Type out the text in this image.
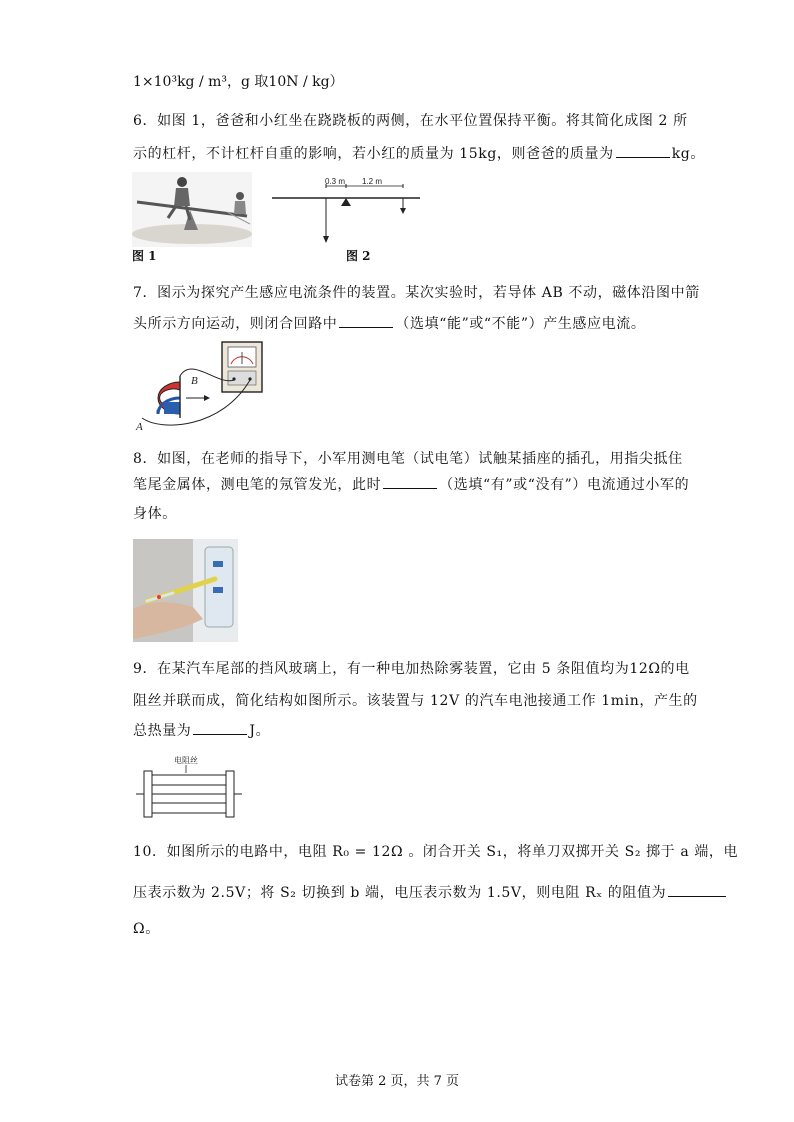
1×10³kg / m³，g 取10N / kg）
6．如图 1，爸爸和小红坐在跷跷板的两侧，在水平位置保持平衡。将其简化成图 2 所
示的杠杆，不计杠杆自重的影响，若小红的质量为 15kg，则爸爸的质量为	kg。
图 1
0.3 m 1.2 m
图 2
7．图示为探究产生感应电流条件的装置。某次实验时，若导体 AB 不动，磁体沿图中箭
头所示方向运动，则闭合回路中	（选填“能”或“不能”）产生感应电流。
B
A
8．如图，在老师的指导下，小军用测电笔（试电笔）试触某插座的插孔，用指尖抵住
笔尾金属体，测电笔的氖管发光，此时	（选填“有”或“没有”）电流通过小军的
身体。
9．在某汽车尾部的挡风玻璃上，有一种电加热除雾装置，它由 5 条阻值均为12Ω的电
阻丝并联而成，简化结构如图所示。该装置与 12V 的汽车电池接通工作 1min，产生的
总热量为	J。
电阻丝
10．如图所示的电路中，电阻 R₀ = 12Ω 。闭合开关 S₁，将单刀双掷开关 S₂ 掷于 a 端，电
压表示数为 2.5V；将 S₂ 切换到 b 端，电压表示数为 1.5V，则电阻 Rₓ 的阻值为
Ω。
试卷第 2 页，共 7 页
